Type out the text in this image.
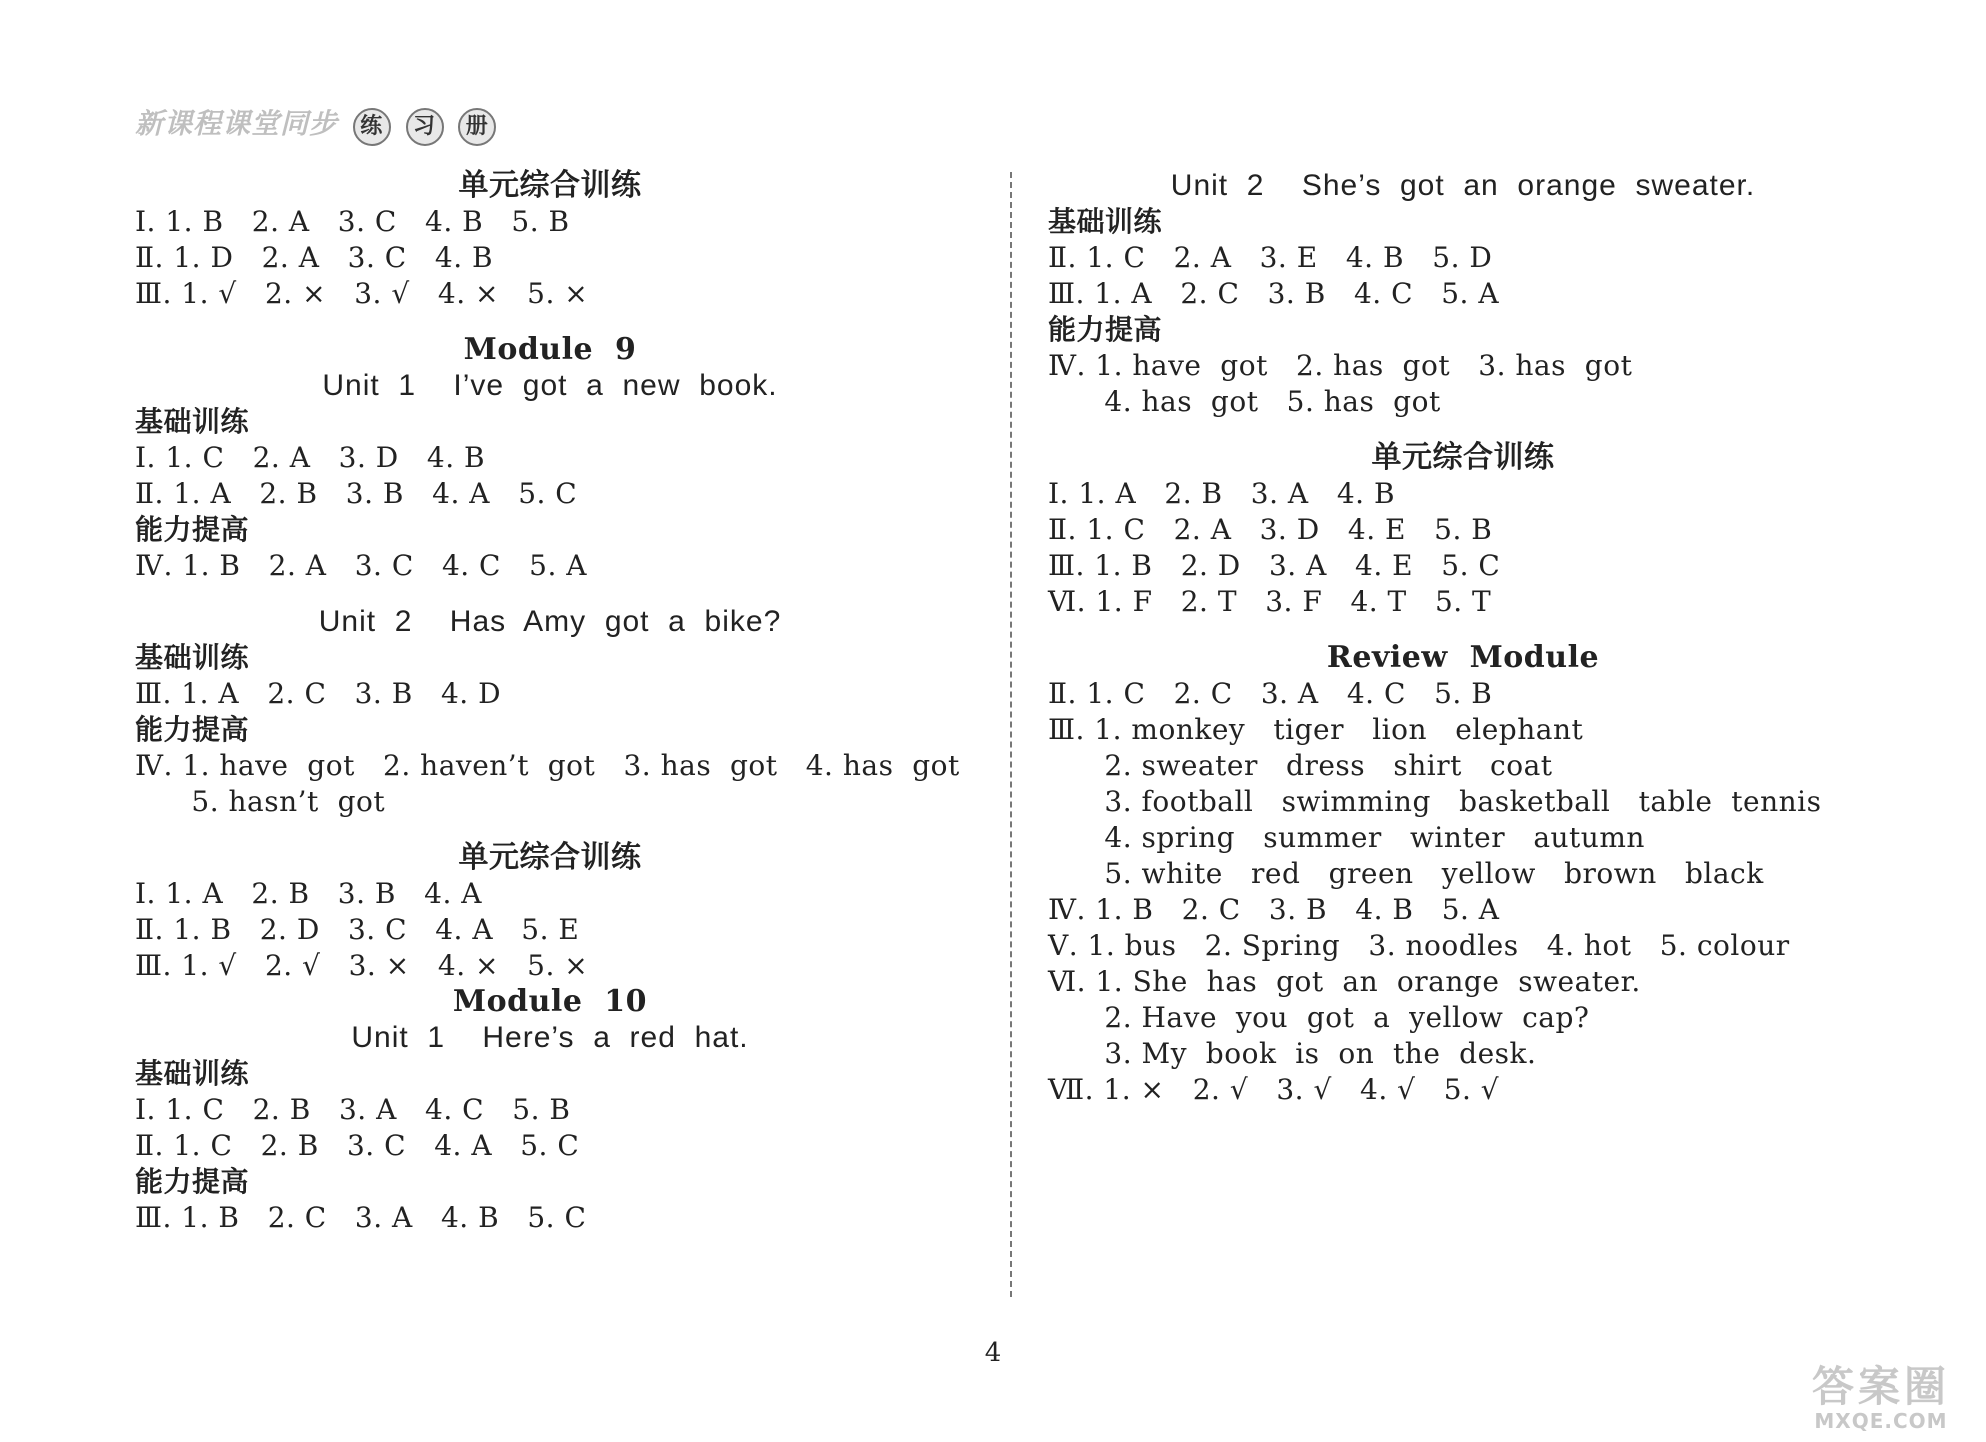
新课程课堂同步 练 习 册
单元综合训练
Ⅰ. 1. B   2. A   3. C   4. B   5. B
Ⅱ. 1. D   2. A   3. C   4. B
Ⅲ. 1. √   2. ×   3. √   4. ×   5. ×
Module  9
Unit  1    I’ve  got  a  new  book.
基础训练
Ⅰ. 1. C   2. A   3. D   4. B
Ⅱ. 1. A   2. B   3. B   4. A   5. C
能力提高
Ⅳ. 1. B   2. A   3. C   4. C   5. A
Unit  2    Has  Amy  got  a  bike?
基础训练
Ⅲ. 1. A   2. C   3. B   4. D
能力提高
Ⅳ. 1. have  got   2. haven’t  got   3. has  got   4. has  got
5. hasn’t  got
单元综合训练
Ⅰ. 1. A   2. B   3. B   4. A
Ⅱ. 1. B   2. D   3. C   4. A   5. E
Ⅲ. 1. √   2. √   3. ×   4. ×   5. ×
Module  10
Unit  1    Here’s  a  red  hat.
基础训练
Ⅰ. 1. C   2. B   3. A   4. C   5. B
Ⅱ. 1. C   2. B   3. C   4. A   5. C
能力提高
Ⅲ. 1. B   2. C   3. A   4. B   5. C
Unit  2    She’s  got  an  orange  sweater.
基础训练
Ⅱ. 1. C   2. A   3. E   4. B   5. D
Ⅲ. 1. A   2. C   3. B   4. C   5. A
能力提高
Ⅳ. 1. have  got   2. has  got   3. has  got
4. has  got   5. has  got
单元综合训练
Ⅰ. 1. A   2. B   3. A   4. B
Ⅱ. 1. C   2. A   3. D   4. E   5. B
Ⅲ. 1. B   2. D   3. A   4. E   5. C
Ⅵ. 1. F   2. T   3. F   4. T   5. T
Review  Module
Ⅱ. 1. C   2. C   3. A   4. C   5. B
Ⅲ. 1. monkey   tiger   lion   elephant
2. sweater   dress   shirt   coat
3. football   swimming   basketball   table  tennis
4. spring   summer   winter   autumn
5. white   red   green   yellow   brown   black
Ⅳ. 1. B   2. C   3. B   4. B   5. A
Ⅴ. 1. bus   2. Spring   3. noodles   4. hot   5. colour
Ⅵ. 1. She  has  got  an  orange  sweater.
2. Have  you  got  a  yellow  cap?
3. My  book  is  on  the  desk.
Ⅶ. 1. ×   2. √   3. √   4. √   5. √
4
答案圈
MXQE.COM
